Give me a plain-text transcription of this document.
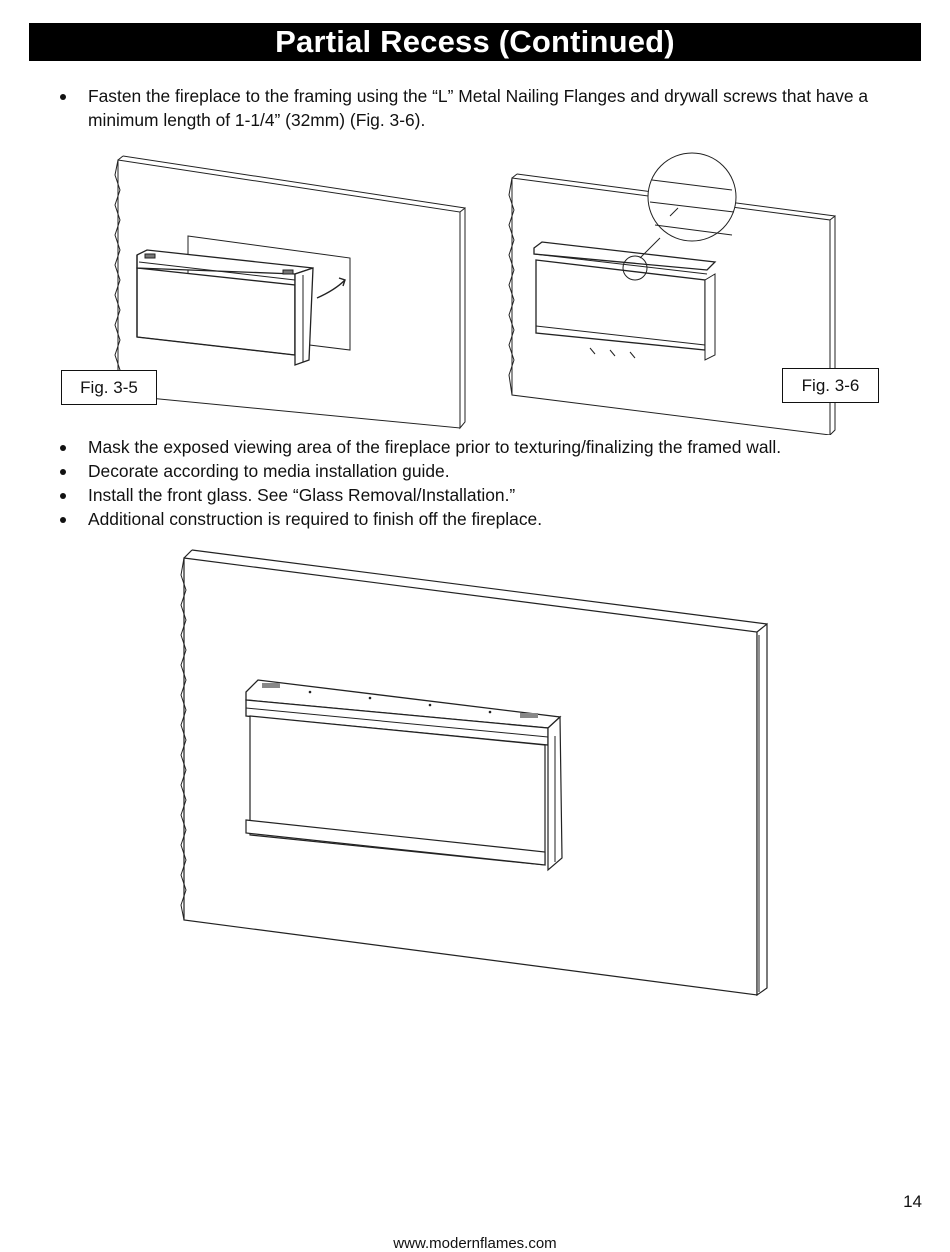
Partial Recess (Continued)
Fasten the fireplace to the framing using the “L” Metal Nailing Flanges and drywall screws that have a minimum length of 1-1/4” (32mm) (Fig. 3-6).
Fig. 3-5	Fig. 3-6
Mask the exposed viewing area of the fireplace prior to texturing/finalizing the framed wall.
Decorate according to media installation guide.
Install the front glass. See “Glass Removal/Installation.”
Additional construction is required to finish off the fireplace.
14
www.modernflames.com
